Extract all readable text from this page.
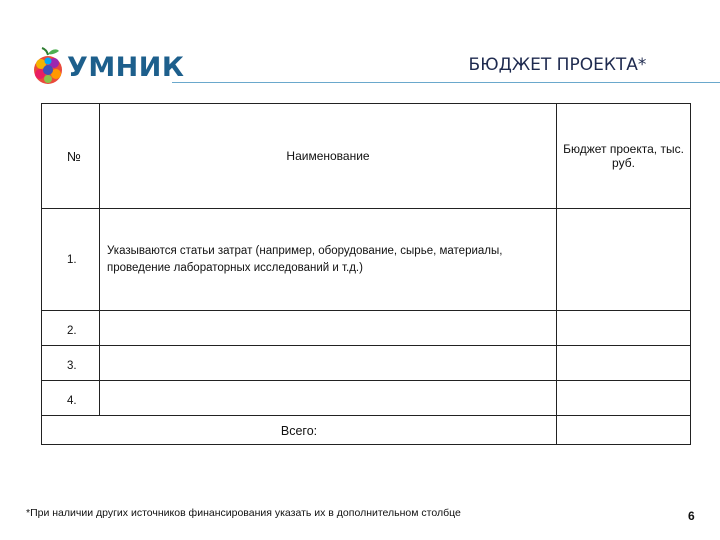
УМНИК	БЮДЖЕТ ПРОЕКТА*
№	Наименование	Бюджет проекта, тыс. руб.
1.	Указываются статьи затрат (например, оборудование, сырье, материалы, проведение лабораторных исследований и т.д.)	
2.		
3.		
4.		
Всего:		
*При наличии других источников финансирования указать их в дополнительном столбце	6
